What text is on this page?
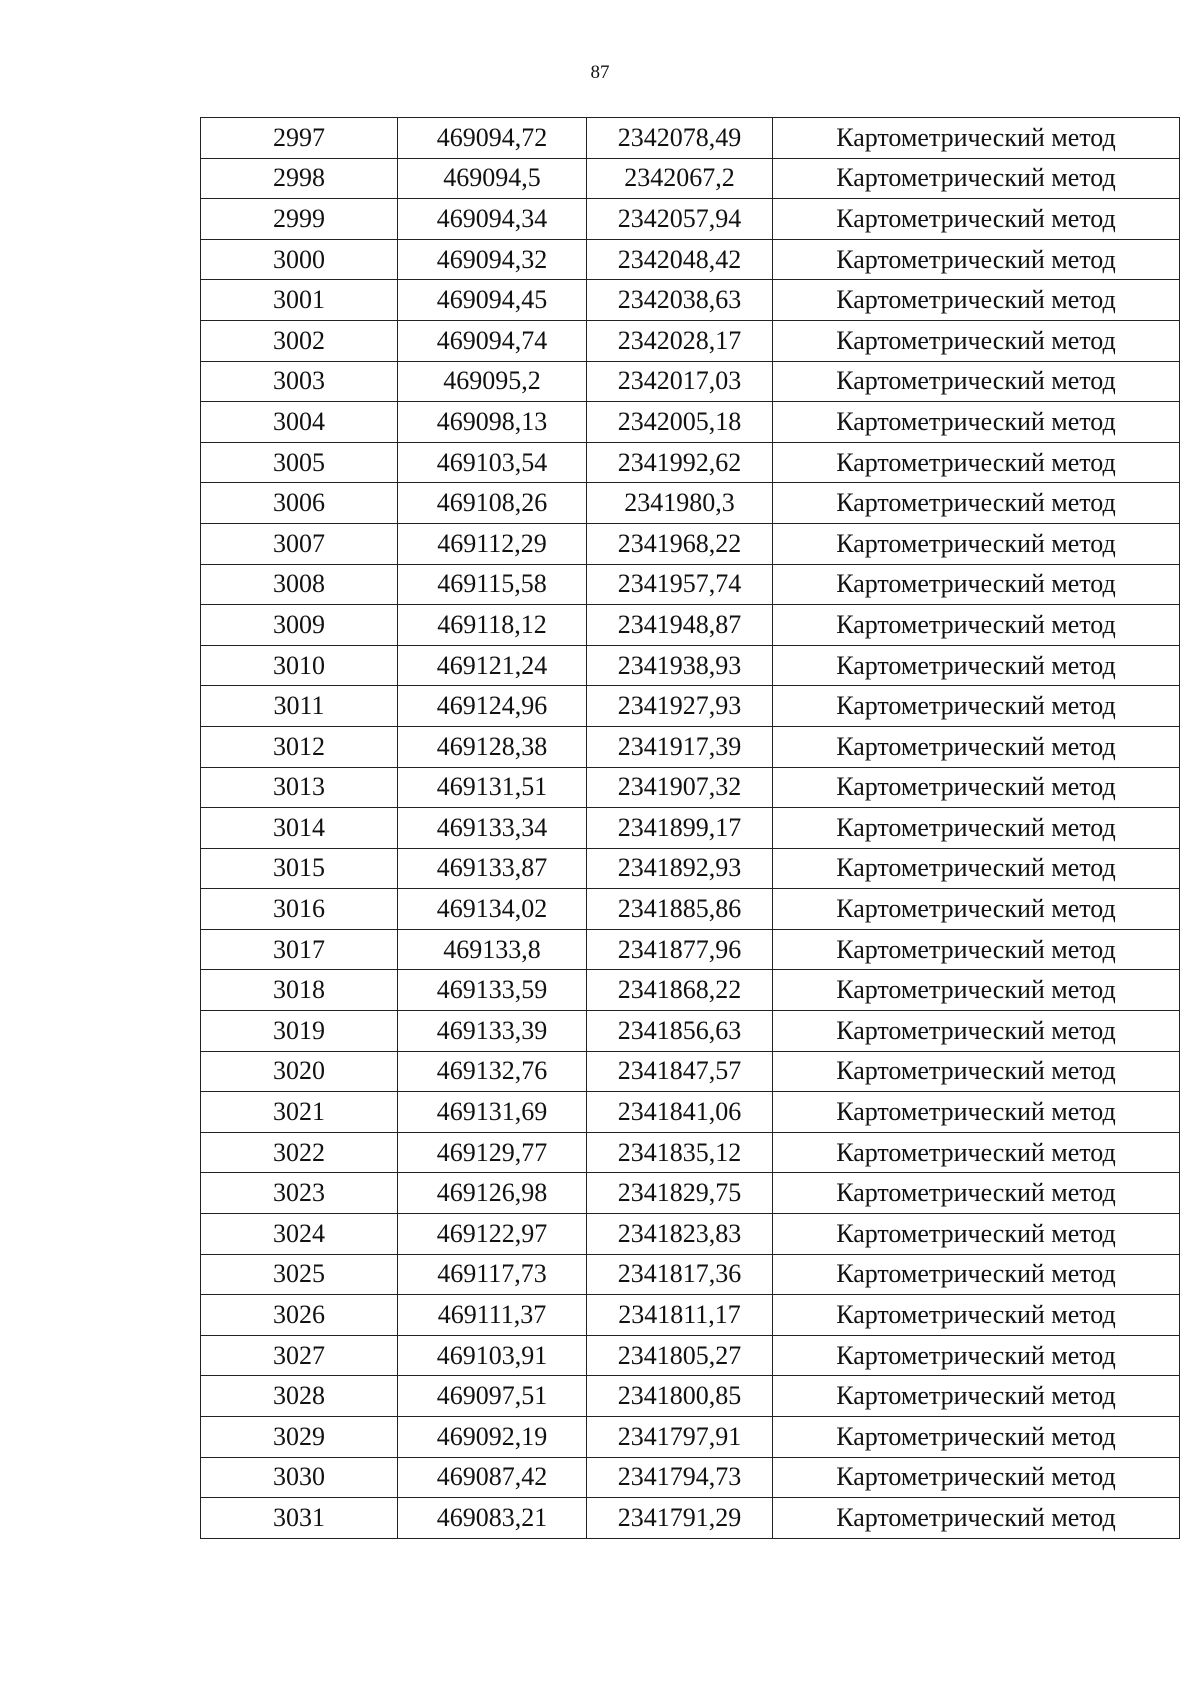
87
2997	469094,72	2342078,49	Картометрический метод
2998	469094,5	2342067,2	Картометрический метод
2999	469094,34	2342057,94	Картометрический метод
3000	469094,32	2342048,42	Картометрический метод
3001	469094,45	2342038,63	Картометрический метод
3002	469094,74	2342028,17	Картометрический метод
3003	469095,2	2342017,03	Картометрический метод
3004	469098,13	2342005,18	Картометрический метод
3005	469103,54	2341992,62	Картометрический метод
3006	469108,26	2341980,3	Картометрический метод
3007	469112,29	2341968,22	Картометрический метод
3008	469115,58	2341957,74	Картометрический метод
3009	469118,12	2341948,87	Картометрический метод
3010	469121,24	2341938,93	Картометрический метод
3011	469124,96	2341927,93	Картометрический метод
3012	469128,38	2341917,39	Картометрический метод
3013	469131,51	2341907,32	Картометрический метод
3014	469133,34	2341899,17	Картометрический метод
3015	469133,87	2341892,93	Картометрический метод
3016	469134,02	2341885,86	Картометрический метод
3017	469133,8	2341877,96	Картометрический метод
3018	469133,59	2341868,22	Картометрический метод
3019	469133,39	2341856,63	Картометрический метод
3020	469132,76	2341847,57	Картометрический метод
3021	469131,69	2341841,06	Картометрический метод
3022	469129,77	2341835,12	Картометрический метод
3023	469126,98	2341829,75	Картометрический метод
3024	469122,97	2341823,83	Картометрический метод
3025	469117,73	2341817,36	Картометрический метод
3026	469111,37	2341811,17	Картометрический метод
3027	469103,91	2341805,27	Картометрический метод
3028	469097,51	2341800,85	Картометрический метод
3029	469092,19	2341797,91	Картометрический метод
3030	469087,42	2341794,73	Картометрический метод
3031	469083,21	2341791,29	Картометрический метод
